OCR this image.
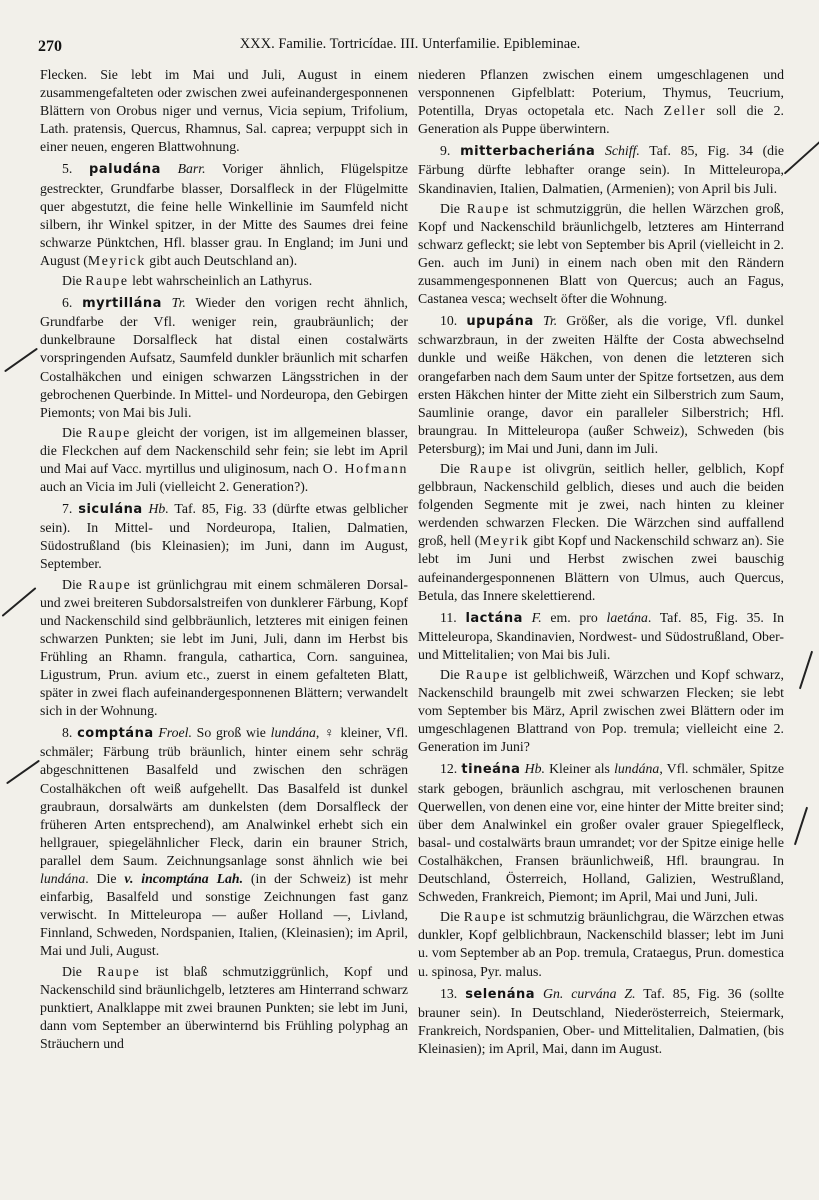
270	XXX. Familie. Tortricídae. III. Unterfamilie. Epibleminae.

Flecken. Sie lebt im Mai und Juli, August in einem zusammengefalteten oder zwischen zwei aufeinandergesponnenen Blättern von Orobus niger und vernus, Vicia sepium, Trifolium, Lath. pratensis, Quercus, Rhamnus, Sal. caprea; verpuppt sich in einer neuen, engeren Blattwohnung.

5. paludána Barr. Voriger ähnlich, Flügelspitze gestreckter, Grundfarbe blasser, Dorsalfleck in der Flügelmitte quer abgestutzt, die feine helle Winkellinie im Saumfeld nicht silbern, ihr Winkel spitzer, in der Mitte des Saumes drei feine schwarze Pünktchen, Hfl. blasser grau. In England; im Juni und August (Meyrick gibt auch Deutschland an).

Die Raupe lebt wahrscheinlich an Lathyrus.

6. myrtillána Tr. Wieder den vorigen recht ähnlich, Grundfarbe der Vfl. weniger rein, graubräunlich; der dunkelbraune Dorsalfleck hat distal einen costalwärts vorspringenden Aufsatz, Saumfeld dunkler bräunlich mit scharfen Costalhäkchen und einigen schwarzen Längsstrichen in der gebrochenen Querbinde. In Mittel- und Nordeuropa, den Gebirgen Piemonts; von Mai bis Juli.

Die Raupe gleicht der vorigen, ist im allgemeinen blasser, die Fleckchen auf dem Nackenschild sehr fein; sie lebt im April und Mai auf Vacc. myrtillus und uliginosum, nach O. Hofmann auch an Vicia im Juli (vielleicht 2. Generation?).

7. siculána Hb. Taf. 85, Fig. 33 (dürfte etwas gelblicher sein). In Mittel- und Nordeuropa, Italien, Dalmatien, Südostrußland (bis Kleinasien); im Juni, dann im August, September.

Die Raupe ist grünlichgrau mit einem schmäleren Dorsal- und zwei breiteren Subdorsalstreifen von dunklerer Färbung, Kopf und Nackenschild sind gelbbräunlich, letzteres mit einigen feinen schwarzen Punkten; sie lebt im Juni, Juli, dann im Herbst bis Frühling an Rhamn. frangula, cathartica, Corn. sanguinea, Ligustrum, Prun. avium etc., zuerst in einem gefalteten Blatt, später in zwei flach aufeinandergesponnenen Blättern; verwandelt sich in der Wohnung.

8. comptána Froel. So groß wie lundána, ♀ kleiner, Vfl. schmäler; Färbung trüb bräunlich, hinter einem sehr schräg abgeschnittenen Basalfeld und zwischen den schrägen Costalhäkchen oft weiß aufgehellt. Das Basalfeld ist dunkel graubraun, dorsalwärts am dunkelsten (dem Dorsalfleck der früheren Arten entsprechend), am Analwinkel erhebt sich ein hellgrauer, spiegelähnlicher Fleck, darin ein brauner Strich, parallel dem Saum. Zeichnungsanlage sonst ähnlich wie bei lundána. Die v. incomptána Lah. (in der Schweiz) ist mehr einfarbig, Basalfeld und sonstige Zeichnungen fast ganz verwischt. In Mitteleuropa — außer Holland —, Livland, Finnland, Schweden, Nordspanien, Italien, (Kleinasien); im April, Mai und Juli, August.

Die Raupe ist blaß schmutziggrünlich, Kopf und Nackenschild sind bräunlichgelb, letzteres am Hinterrand schwarz punktiert, Analklappe mit zwei braunen Punkten; sie lebt im Juni, dann vom September an überwinternd bis Frühling polyphag an Sträuchern und

niederen Pflanzen zwischen einem umgeschlagenen und versponnenen Gipfelblatt: Poterium, Thymus, Teucrium, Potentilla, Dryas octopetala etc. Nach Zeller soll die 2. Generation als Puppe überwintern.

9. mitterbacheriána Schiff. Taf. 85, Fig. 34 (die Färbung dürfte lebhafter orange sein). In Mitteleuropa, Skandinavien, Italien, Dalmatien, (Armenien); von April bis Juli.

Die Raupe ist schmutziggrün, die hellen Wärzchen groß, Kopf und Nackenschild bräunlichgelb, letzteres am Hinterrand schwarz gefleckt; sie lebt von September bis April (vielleicht in 2. Gen. auch im Juni) in einem nach oben mit den Rändern zusammengesponnenen Blatt von Quercus; auch an Fagus, Castanea vesca; wechselt öfter die Wohnung.

10. upupána Tr. Größer, als die vorige, Vfl. dunkel schwarzbraun, in der zweiten Hälfte der Costa abwechselnd dunkle und weiße Häkchen, von denen die letzteren sich orangefarben nach dem Saum unter der Spitze fortsetzen, aus dem ersten Häkchen hinter der Mitte zieht ein Silberstrich zum Saum, Saumlinie orange, davor ein paralleler Silberstrich; Hfl. braungrau. In Mitteleuropa (außer Schweiz), Schweden (bis Petersburg); im Mai und Juni, dann im Juli.

Die Raupe ist olivgrün, seitlich heller, gelblich, Kopf gelbbraun, Nackenschild gelblich, dieses und auch die beiden folgenden Segmente mit je zwei, nach hinten zu kleiner werdenden schwarzen Flecken. Die Wärzchen sind auffallend groß, hell (Meyrik gibt Kopf und Nackenschild schwarz an). Sie lebt im Juni und Herbst zwischen zwei bauschig aufeinandergesponnenen Blättern von Ulmus, auch Quercus, Betula, das Innere skelettierend.

11. lactána F. em. pro laetána. Taf. 85, Fig. 35. In Mitteleuropa, Skandinavien, Nordwest- und Südostrußland, Ober- und Mittelitalien; von Mai bis Juli.

Die Raupe ist gelblichweiß, Wärzchen und Kopf schwarz, Nackenschild braungelb mit zwei schwarzen Flecken; sie lebt vom September bis März, April zwischen zwei Blättern oder im umgeschlagenen Blattrand von Pop. tremula; vielleicht eine 2. Generation im Juni?

12. tineána Hb. Kleiner als lundána, Vfl. schmäler, Spitze stark gebogen, bräunlich aschgrau, mit verloschenen braunen Querwellen, von denen eine vor, eine hinter der Mitte breiter sind; über dem Analwinkel ein großer ovaler grauer Spiegelfleck, basal- und costalwärts braun umrandet; vor der Spitze einige helle Costalhäkchen, Fransen bräunlichweiß, Hfl. braungrau. In Deutschland, Österreich, Holland, Galizien, Westrußland, Schweden, Frankreich, Piemont; im April, Mai und Juni, Juli.

Die Raupe ist schmutzig bräunlichgrau, die Wärzchen etwas dunkler, Kopf gelblichbraun, Nackenschild blasser; lebt im Juni u. vom September ab an Pop. tremula, Crataegus, Prun. domestica u. spinosa, Pyr. malus.

13. selenána Gn. curvána Z. Taf. 85, Fig. 36 (sollte brauner sein). In Deutschland, Niederösterreich, Steiermark, Frankreich, Nordspanien, Ober- und Mittelitalien, Dalmatien, (bis Kleinasien); im April, Mai, dann im August.
